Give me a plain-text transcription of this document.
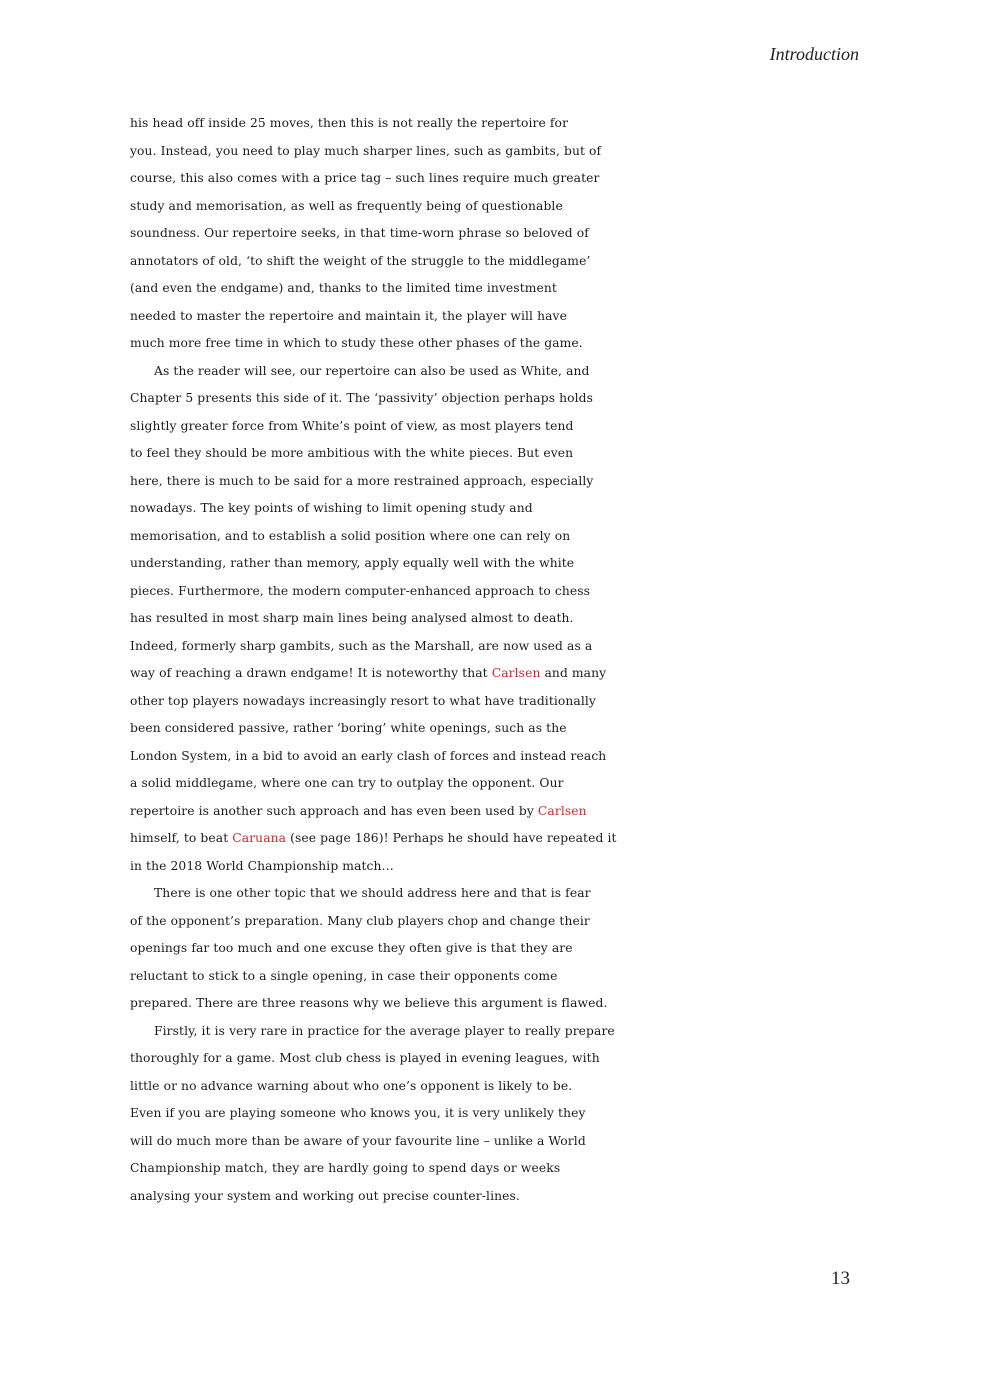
Introduction
his head off inside 25 moves, then this is not really the repertoire for
you. Instead, you need to play much sharper lines, such as gambits, but of
course, this also comes with a price tag – such lines require much greater
study and memorisation, as well as frequently being of questionable
soundness. Our repertoire seeks, in that time-worn phrase so beloved of
annotators of old, ‘to shift the weight of the struggle to the middlegame’
(and even the endgame) and, thanks to the limited time investment
needed to master the repertoire and maintain it, the player will have
much more free time in which to study these other phases of the game.
As the reader will see, our repertoire can also be used as White, and
Chapter 5 presents this side of it. The ‘passivity’ objection perhaps holds
slightly greater force from White’s point of view, as most players tend
to feel they should be more ambitious with the white pieces. But even
here, there is much to be said for a more restrained approach, especially
nowadays. The key points of wishing to limit opening study and
memorisation, and to establish a solid position where one can rely on
understanding, rather than memory, apply equally well with the white
pieces. Furthermore, the modern computer-enhanced approach to chess
has resulted in most sharp main lines being analysed almost to death.
Indeed, formerly sharp gambits, such as the Marshall, are now used as a
way of reaching a drawn endgame! It is noteworthy that Carlsen and many
other top players nowadays increasingly resort to what have traditionally
been considered passive, rather ‘boring’ white openings, such as the
London System, in a bid to avoid an early clash of forces and instead reach
a solid middlegame, where one can try to outplay the opponent. Our
repertoire is another such approach and has even been used by Carlsen
himself, to beat Caruana (see page 186)! Perhaps he should have repeated it
in the 2018 World Championship match…
There is one other topic that we should address here and that is fear
of the opponent’s preparation. Many club players chop and change their
openings far too much and one excuse they often give is that they are
reluctant to stick to a single opening, in case their opponents come
prepared. There are three reasons why we believe this argument is flawed.
Firstly, it is very rare in practice for the average player to really prepare
thoroughly for a game. Most club chess is played in evening leagues, with
little or no advance warning about who one’s opponent is likely to be.
Even if you are playing someone who knows you, it is very unlikely they
will do much more than be aware of your favourite line – unlike a World
Championship match, they are hardly going to spend days or weeks
analysing your system and working out precise counter-lines.
13
